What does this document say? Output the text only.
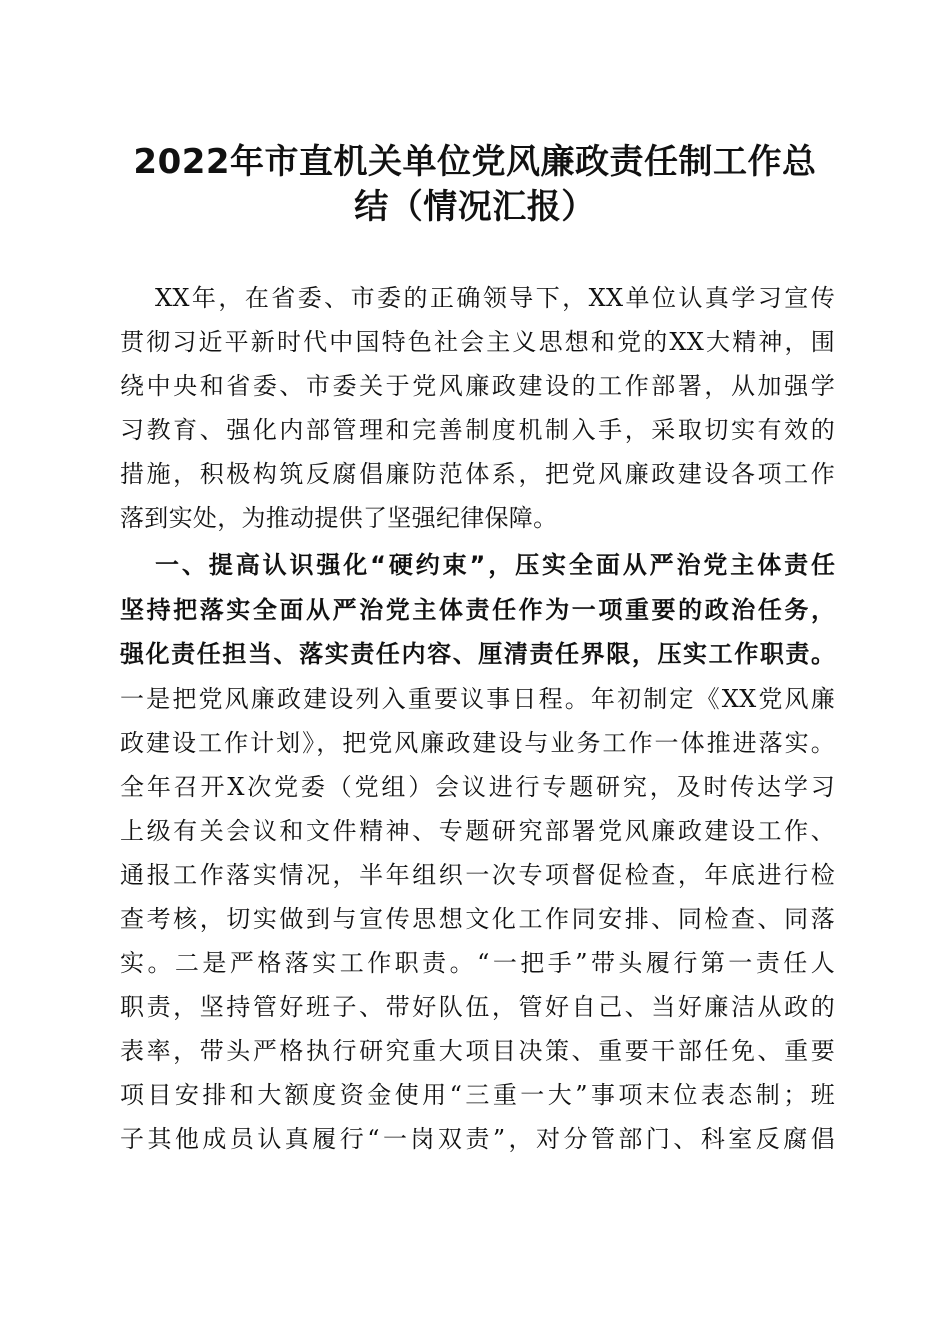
2022年市直机关单位党风廉政责任制工作总
结（情况汇报）
XX年，在省委、市委的正确领导下，XX单位认真学习宣传
贯彻习近平新时代中国特色社会主义思想和党的XX大精神，围
绕中央和省委、市委关于党风廉政建设的工作部署，从加强学
习教育、强化内部管理和完善制度机制入手，采取切实有效的
措施，积极构筑反腐倡廉防范体系，把党风廉政建设各项工作
落到实处，为推动提供了坚强纪律保障。
一、提高认识强化“硬约束”，压实全面从严治党主体责任
坚持把落实全面从严治党主体责任作为一项重要的政治任务，
强化责任担当、落实责任内容、厘清责任界限，压实工作职责。
一是把党风廉政建设列入重要议事日程。年初制定《XX党风廉
政建设工作计划》，把党风廉政建设与业务工作一体推进落实。
全年召开X次党委（党组）会议进行专题研究，及时传达学习
上级有关会议和文件精神、专题研究部署党风廉政建设工作、
通报工作落实情况，半年组织一次专项督促检查，年底进行检
查考核，切实做到与宣传思想文化工作同安排、同检查、同落
实。二是严格落实工作职责。“一把手”带头履行第一责任人
职责，坚持管好班子、带好队伍，管好自己、当好廉洁从政的
表率，带头严格执行研究重大项目决策、重要干部任免、重要
项目安排和大额度资金使用“三重一大”事项末位表态制；班
子其他成员认真履行“一岗双责”，对分管部门、科室反腐倡
